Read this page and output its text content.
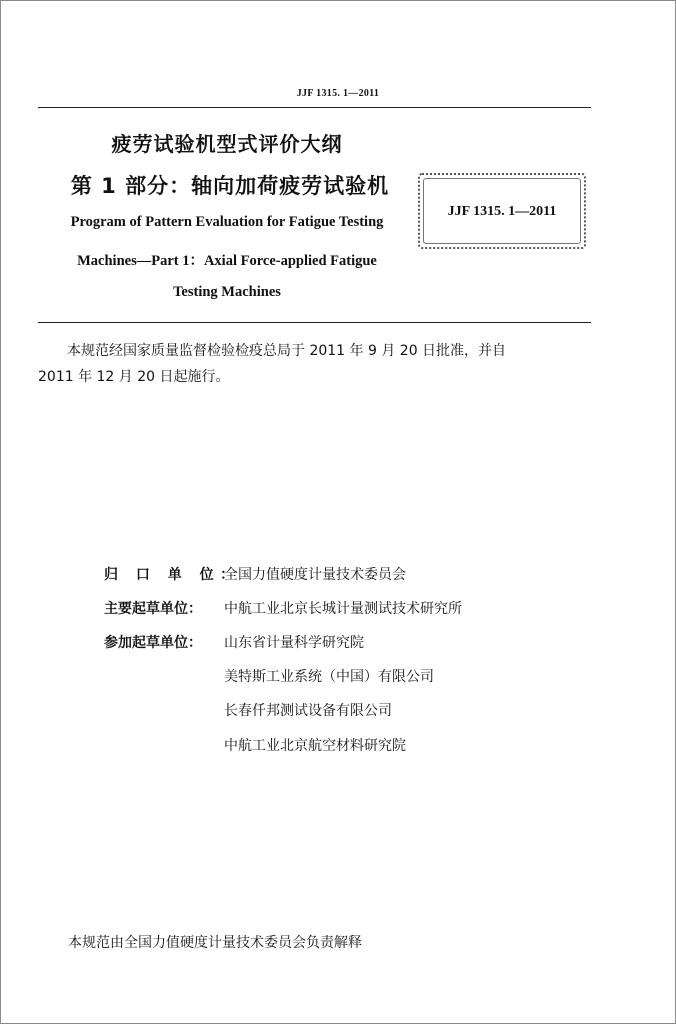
JJF 1315. 1—2011
疲劳试验机型式评价大纲
第 1 部分：轴向加荷疲劳试验机
Program of Pattern Evaluation for Fatigue Testing
Machines—Part 1：Axial Force-applied Fatigue
Testing Machines
JJF 1315. 1—2011
本规范经国家质量监督检验检疫总局于 2011 年 9 月 20 日批准，并自
2011 年 12 月 20 日起施行。
归 口 单 位：全国力值硬度计量技术委员会
主要起草单位： 中航工业北京长城计量测试技术研究所
参加起草单位： 山东省计量科学研究院
美特斯工业系统（中国）有限公司
长春仟邦测试设备有限公司
中航工业北京航空材料研究院
本规范由全国力值硬度计量技术委员会负责解释
